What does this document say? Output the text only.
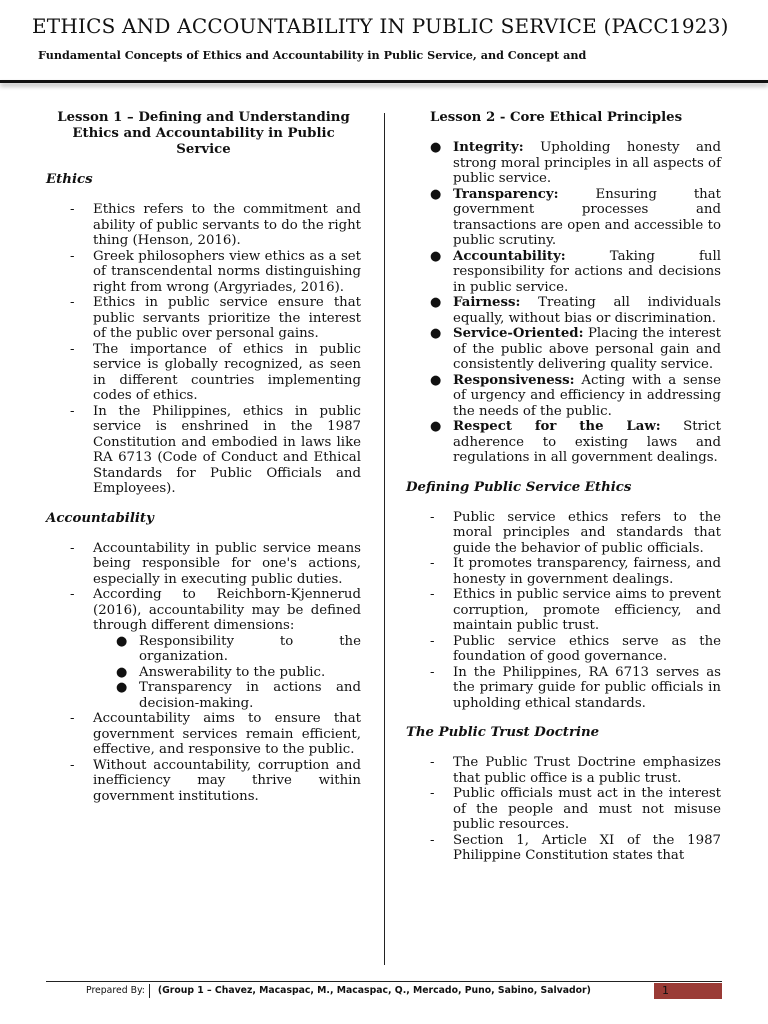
ETHICS AND ACCOUNTABILITY IN PUBLIC SERVICE (PACC1923)

Fundamental Concepts of Ethics and Accountability in Public Service, and Concept and

Lesson 1 – Defining and Understanding Ethics and Accountability in Public Service
Ethics
- Ethics refers to the commitment and ability of public servants to do the right thing (Henson, 2016).
- Greek philosophers view ethics as a set of transcendental norms distinguishing right from wrong (Argyriades, 2016).
- Ethics in public service ensure that public servants prioritize the interest of the public over personal gains.
- The importance of ethics in public service is globally recognized, as seen in different countries implementing codes of ethics.
- In the Philippines, ethics in public service is enshrined in the 1987 Constitution and embodied in laws like RA 6713 (Code of Conduct and Ethical Standards for Public Officials and Employees).
Accountability
- Accountability in public service means being responsible for one's actions, especially in executing public duties.
- According to Reichborn-Kjennerud (2016), accountability may be defined through different dimensions:
● Responsibility to the organization.
● Answerability to the public.
● Transparency in actions and decision-making.
- Accountability aims to ensure that government services remain efficient, effective, and responsive to the public.
- Without accountability, corruption and inefficiency may thrive within government institutions.
Lesson 2 - Core Ethical Principles
● Integrity: Upholding honesty and strong moral principles in all aspects of public service.
● Transparency:	Ensuring that government processes and transactions are open and accessible to public scrutiny.
● Accountability:	Taking full responsibility for actions and decisions in public service.
● Fairness: Treating all individuals equally, without bias or discrimination.
● Service-Oriented: Placing the interest of the public above personal gain and consistently delivering quality service.
● Responsiveness: Acting with a sense of urgency and efficiency in addressing the needs of the public.
● Respect for the Law: Strict adherence to existing laws and regulations in all government dealings.
Defining Public Service Ethics
- Public service ethics refers to the moral principles and standards that guide the behavior of public officials.
- It promotes transparency, fairness, and honesty in government dealings.
- Ethics in public service aims to prevent corruption, promote efficiency, and maintain public trust.
- Public service ethics serve as the foundation of good governance.
- In the Philippines, RA 6713 serves as the primary guide for public officials in upholding ethical standards.
The Public Trust Doctrine
- The Public Trust Doctrine emphasizes that public office is a public trust.
- Public officials must act in the interest of the people and must not misuse public resources.
- Section 1, Article XI of the 1987 Philippine Constitution states that
Prepared By: (Group 1 – Chavez, Macaspac, M., Macaspac, Q., Mercado, Puno, Sabino, Salvador)	1
